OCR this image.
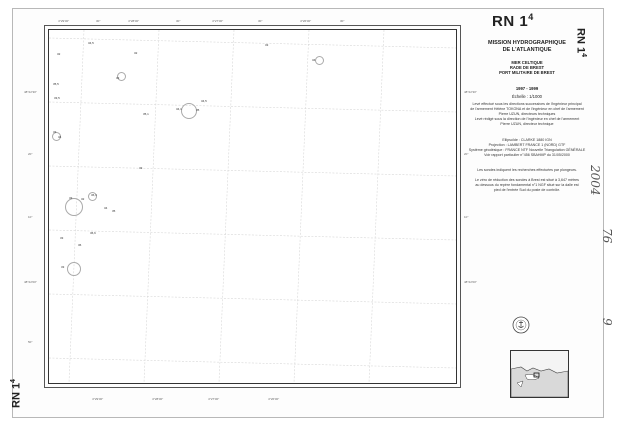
4°29'00"	30"	4°28'00"	30"	4°27'00"	30"	4°26'00"	30"
4°29'00"	4°28'00"	4°27'00"	4°26'00"
48°22'30"
20"
10"
48°22'00"
50"
48°22'30"
20"
10"
48°22'00"
32
34,5
32
33
34
33
35,5
33,5
34,1	35
34,5
35,1
33
34
33
33	32
36,3
34
35
33
36,6
36
33
RN $1^4$
RN $1^4$
RN $1^4$
MISSION HYDROGRAPHIQUE
DE L'ATLANTIQUE
MER CELTIQUE
RADE DE BREST
PORT MILITAIRE DE BREST
1997 - 1999
Échelle : 1/1000
Levé effectué sous les directions successives de l'ingénieur principal
de l'armement Hélène TOKONA et de l'ingénieur en chef de l'armement
Pierre UZUN, directeurs techniques
Levé rédigé sous la direction de l'ingénieur en chef de l'armement
Pierre UZUN, directeur technique
Ellipsoïde : CLARKE 1880 IGN
Projection : LAMBERT FRANCE 1 (NORD) GTF
Système géodésique : FRANCE NTF Nouvelle Triangulation GÉNÉRALE
Voir rapport particulier n°456 SBAHMP du 31/05/2000
Les sondes indiquent les recherches effectuées par plongeurs.
Le zéro de réduction des sondes à Brest est situé à 3,647 mètres
au dessous du repère fondamental n°1 NGF situé sur la dalle est
pied de l'entrée Sud du poste de contrôle.	2004
76
9
